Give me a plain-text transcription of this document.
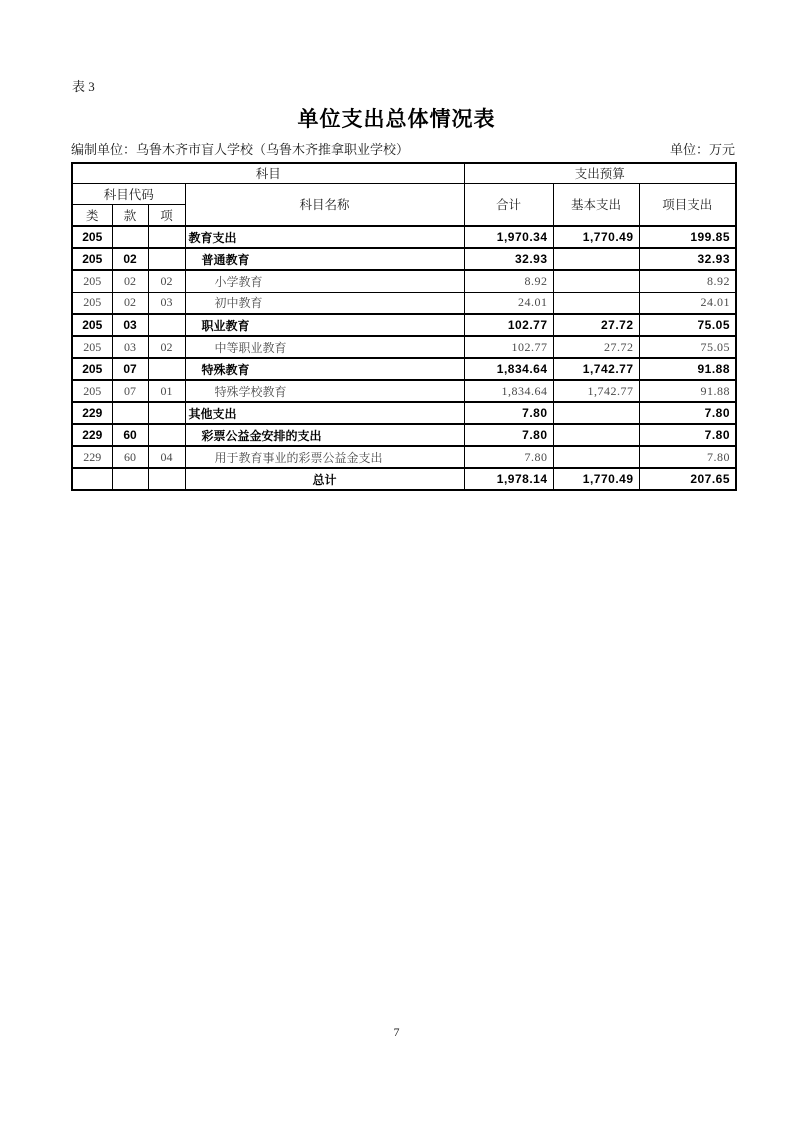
表 3
单位支出总体情况表
编制单位：乌鲁木齐市盲人学校（乌鲁木齐推拿职业学校）	单位：万元
科目				支出预算		
科目代码			科目名称	合计	基本支出	项目支出
类	款	项				
205			教育支出	1,970.34	1,770.49	199.85
205	02		普通教育	32.93		32.93
205	02	02	小学教育	8.92		8.92
205	02	03	初中教育	24.01		24.01
205	03		职业教育	102.77	27.72	75.05
205	03	02	中等职业教育	102.77	27.72	75.05
205	07		特殊教育	1,834.64	1,742.77	91.88
205	07	01	特殊学校教育	1,834.64	1,742.77	91.88
229			其他支出	7.80		7.80
229	60		彩票公益金安排的支出	7.80		7.80
229	60	04	用于教育事业的彩票公益金支出	7.80		7.80
			总计	1,978.14	1,770.49	207.65
7
